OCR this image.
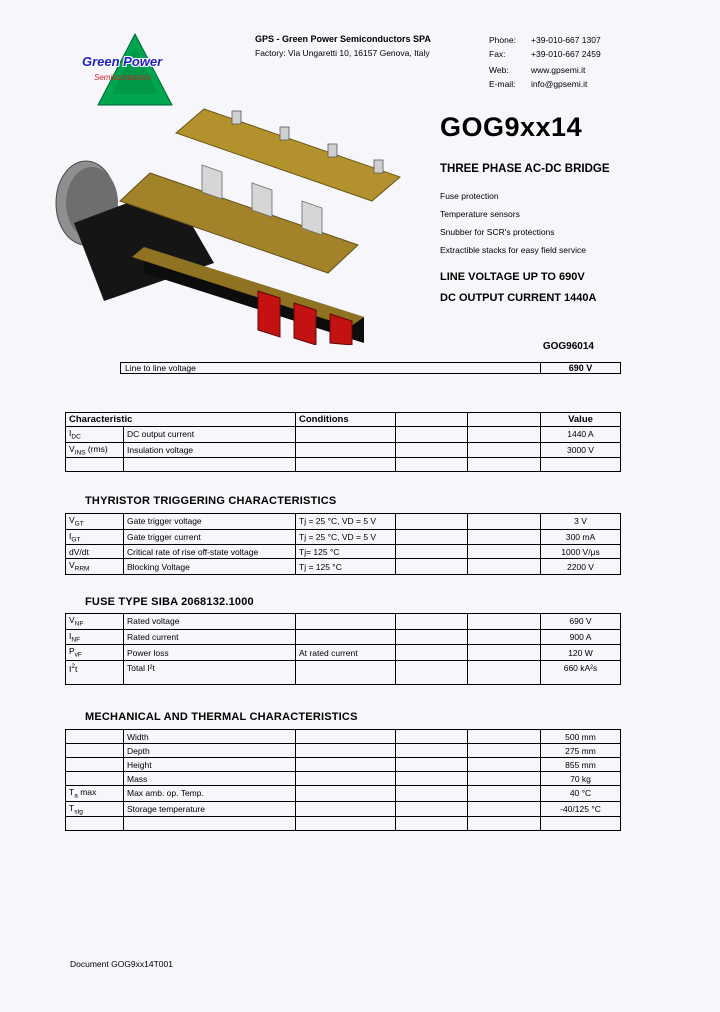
Green Power
Semiconductors
GPS - Green Power Semiconductors SPA
Factory: Via Ungaretti 10, 16157 Genova, Italy
Phone: +39-010-667 1307
Fax:	+39-010-667 2459
Web:	www.gpsemi.it
E-mail: info@gpsemi.it
GOG9xx14
THREE PHASE AC-DC BRIDGE
Fuse protection
Temperature sensors
Snubber for SCR's protections
Extractible stacks for easy field service
LINE VOLTAGE UP TO 690V
DC OUTPUT CURRENT 1440A
GOG96014
Line to line voltage	690 V
Characteristic		Conditions			Value
$I_{DC}$	DC output current				1440 A
$V_{INS}$ (rms)	Insulation voltage				3000 V

THYRISTOR TRIGGERING CHARACTERISTICS
$V_{GT}$	Gate trigger voltage	Tj = 25 °C, VD = 5 V			3 V
$I_{GT}$	Gate trigger current	Tj = 25 °C, VD = 5 V			300 mA
dV/dt	Critical rate of rise off-state voltage	Tj= 125 °C			1000 V/μs
$V_{RRM}$	Blocking Voltage	Tj = 125 °C			2200 V
FUSE TYPE SIBA 2068132.1000
$V_{NF}$	Rated voltage				690 V
$I_{NF}$	Rated current				900 A
$P_{vF}$	Power loss	At rated current			120 W
$I^2t$	Total I²t				660 kA²s
MECHANICAL AND THERMAL CHARACTERISTICS
	Width				500 mm
	Depth				275 mm
	Height				855 mm
	Mass				70 kg
$T_a$ max	Max amb. op. Temp.				40 °C
$T_{stg}$	Storage temperature				-40/125 °C

Document GOG9xx14T001
